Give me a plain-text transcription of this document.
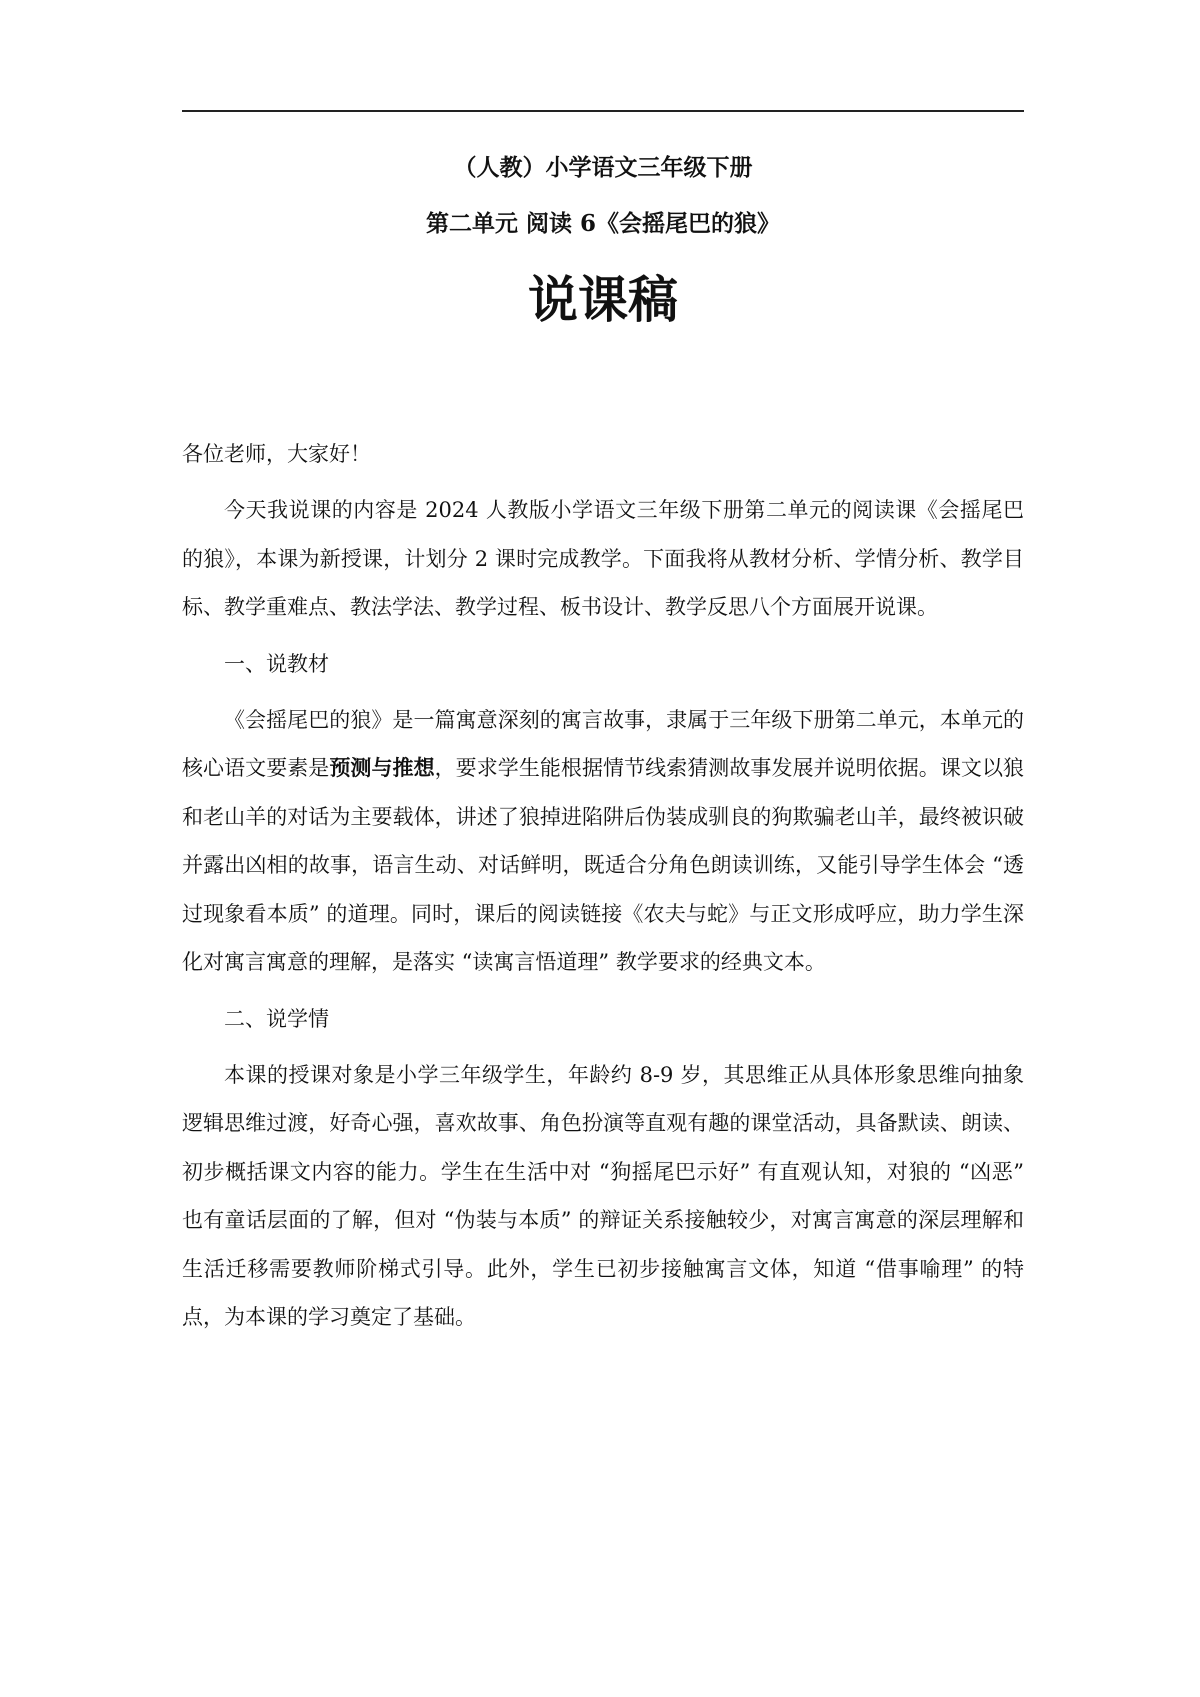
（人教）小学语文三年级下册
第二单元 阅读 6《会摇尾巴的狼》
说课稿

各位老师，大家好！

今天我说课的内容是 2024 人教版小学语文三年级下册第二单元的阅读课《会摇尾巴的狼》，本课为新授课，计划分 2 课时完成教学。下面我将从教材分析、学情分析、教学目标、教学重难点、教法学法、教学过程、板书设计、教学反思八个方面展开说课。

一、说教材

《会摇尾巴的狼》是一篇寓意深刻的寓言故事，隶属于三年级下册第二单元，本单元的核心语文要素是预测与推想，要求学生能根据情节线索猜测故事发展并说明依据。课文以狼和老山羊的对话为主要载体，讲述了狼掉进陷阱后伪装成驯良的狗欺骗老山羊，最终被识破并露出凶相的故事，语言生动、对话鲜明，既适合分角色朗读训练，又能引导学生体会 “透过现象看本质” 的道理。同时，课后的阅读链接《农夫与蛇》与正文形成呼应，助力学生深化对寓言寓意的理解，是落实 “读寓言悟道理” 教学要求的经典文本。

二、说学情

本课的授课对象是小学三年级学生，年龄约 8-9 岁，其思维正从具体形象思维向抽象逻辑思维过渡，好奇心强，喜欢故事、角色扮演等直观有趣的课堂活动，具备默读、朗读、初步概括课文内容的能力。学生在生活中对 “狗摇尾巴示好” 有直观认知，对狼的 “凶恶” 也有童话层面的了解，但对 “伪装与本质” 的辩证关系接触较少，对寓言寓意的深层理解和生活迁移需要教师阶梯式引导。此外，学生已初步接触寓言文体，知道 “借事喻理” 的特点，为本课的学习奠定了基础。
